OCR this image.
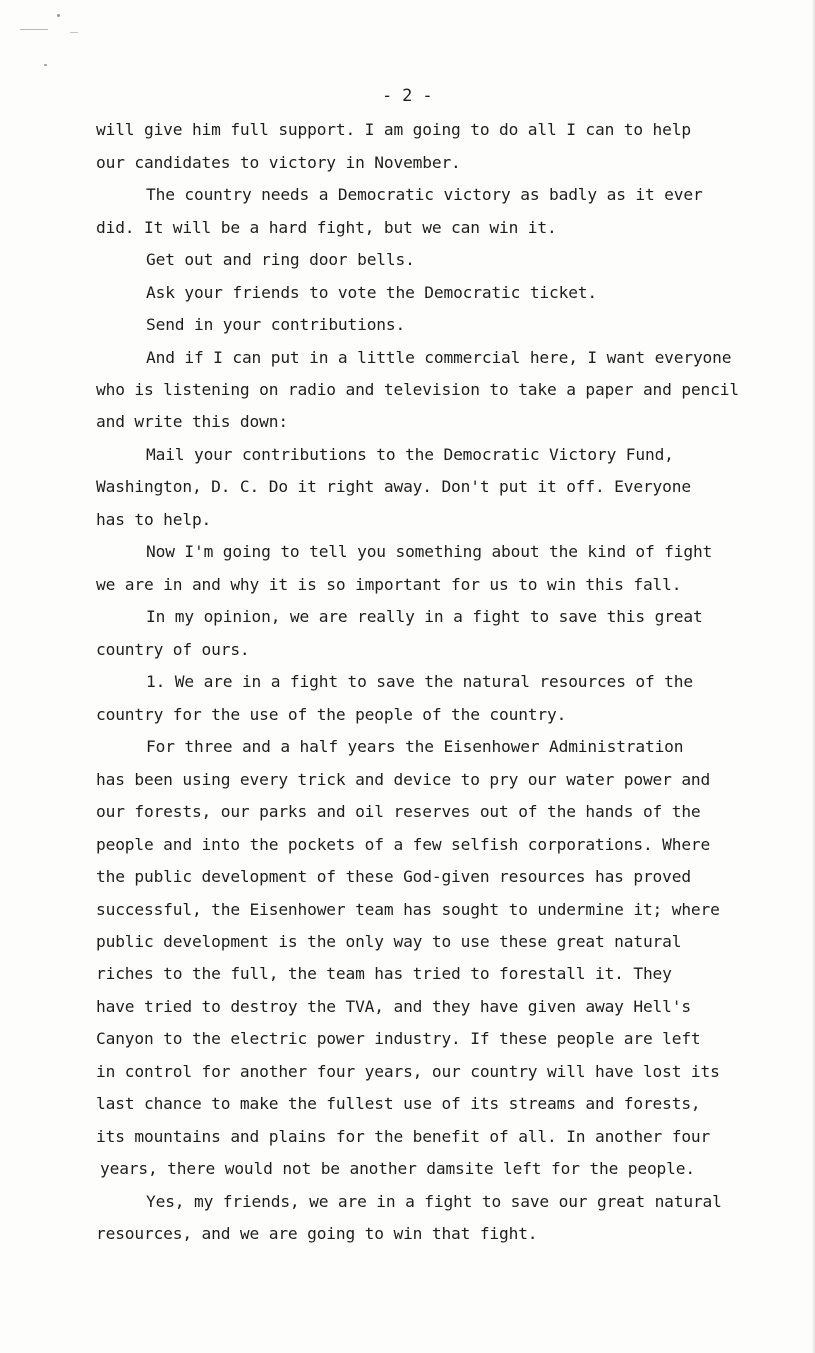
- 2 -
will give him full support. I am going to do all I can to help
our candidates to victory in November.
The country needs a Democratic victory as badly as it ever
did. It will be a hard fight, but we can win it.
Get out and ring door bells.
Ask your friends to vote the Democratic ticket.
Send in your contributions.
And if I can put in a little commercial here, I want everyone
who is listening on radio and television to take a paper and pencil
and write this down:
Mail your contributions to the Democratic Victory Fund,
Washington, D. C. Do it right away. Don't put it off. Everyone
has to help.
Now I'm going to tell you something about the kind of fight
we are in and why it is so important for us to win this fall.
In my opinion, we are really in a fight to save this great
country of ours.
1. We are in a fight to save the natural resources of the
country for the use of the people of the country.
For three and a half years the Eisenhower Administration
has been using every trick and device to pry our water power and
our forests, our parks and oil reserves out of the hands of the
people and into the pockets of a few selfish corporations. Where
the public development of these God-given resources has proved
successful, the Eisenhower team has sought to undermine it; where
public development is the only way to use these great natural
riches to the full, the team has tried to forestall it. They
have tried to destroy the TVA, and they have given away Hell's
Canyon to the electric power industry. If these people are left
in control for another four years, our country will have lost its
last chance to make the fullest use of its streams and forests,
its mountains and plains for the benefit of all. In another four
years, there would not be another damsite left for the people.
Yes, my friends, we are in a fight to save our great natural
resources, and we are going to win that fight.
